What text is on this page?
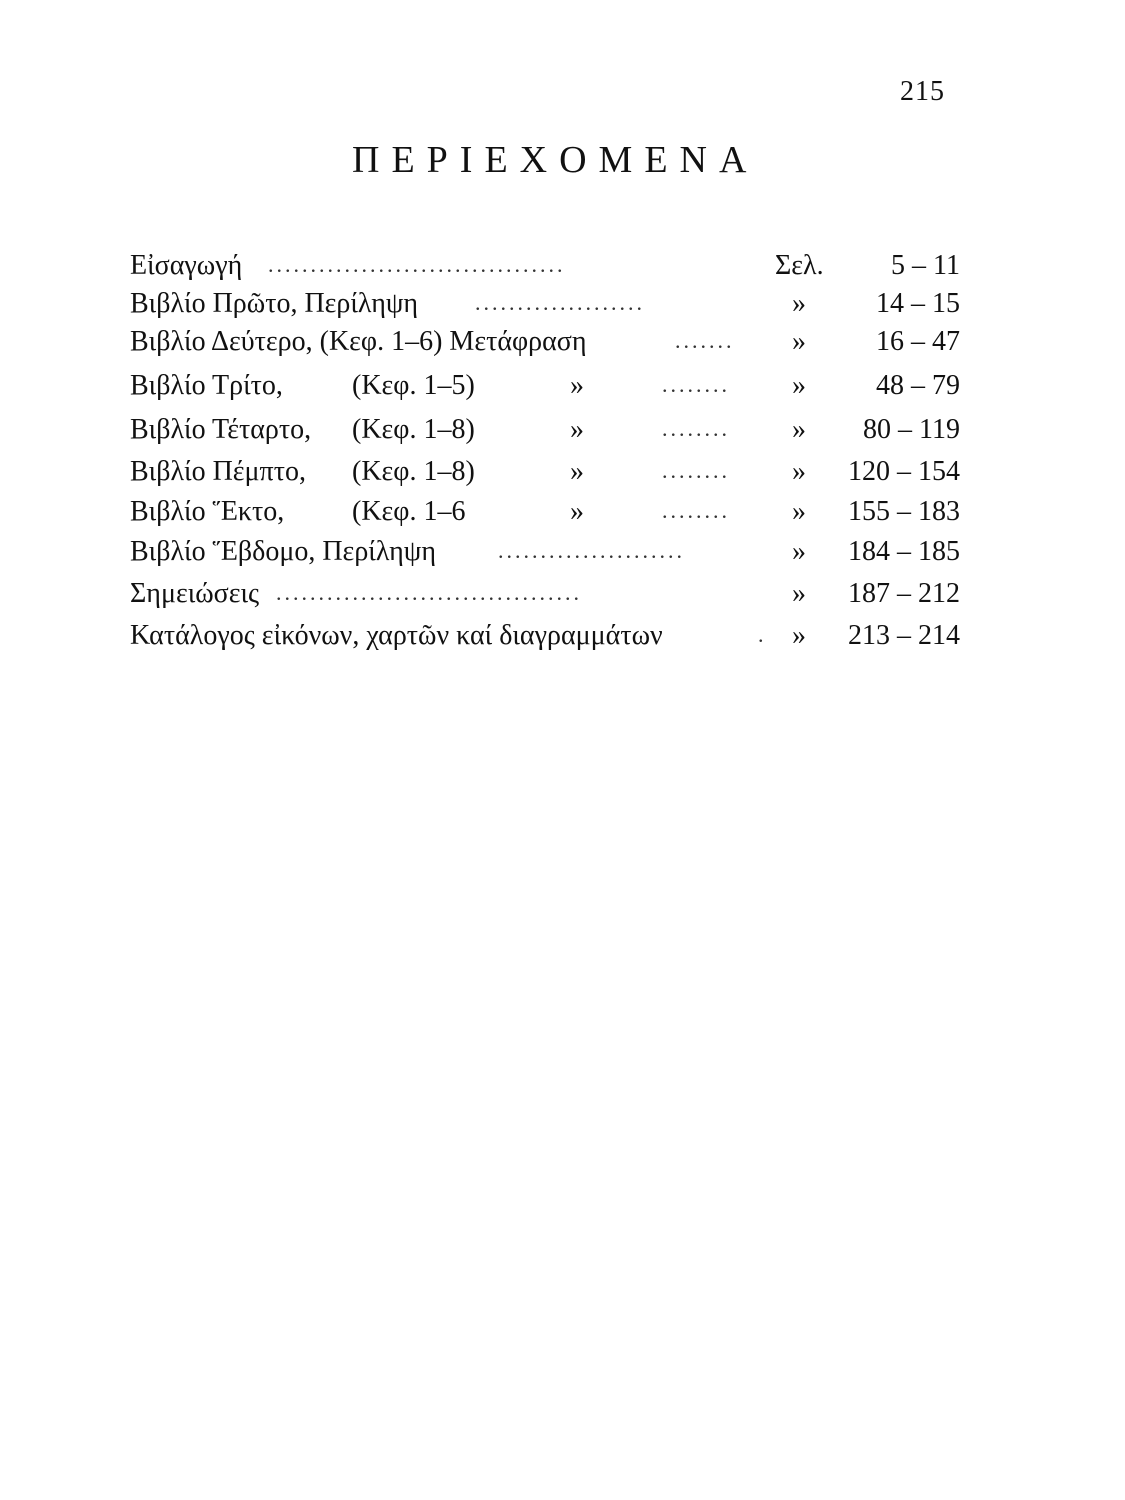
215
ΠΕΡΙΕΧΟΜΕΝΑ
Εἰσαγωγή ...................................	Σελ. 5 – 11
Βιβλίο Πρῶτο, Περίληψη	....................	»	14 – 15
Βιβλίο Δεύτερο, (Κεφ. 1–6) Μετάφραση	....... »	16 – 47
Βιβλίο Τρίτο, (Κεφ. 1–5)	»	........ »	48 – 79
Βιβλίο Τέταρτο, (Κεφ. 1–8)	»	........ » 80 – 119
Βιβλίο Πέμπτο, (Κεφ. 1–8)	»	........ » 120 – 154
Βιβλίο Ἕκτο, (Κεφ. 1–6	»	........ » 155 – 183
Βιβλίο Ἕβδομο, Περίληψη	......................	» 184 – 185
Σημειώσεις ....................................	» 187 – 212
Κατάλογος εἰκόνων, χαρτῶν καί διαγραμμάτων	. » 213 – 214
